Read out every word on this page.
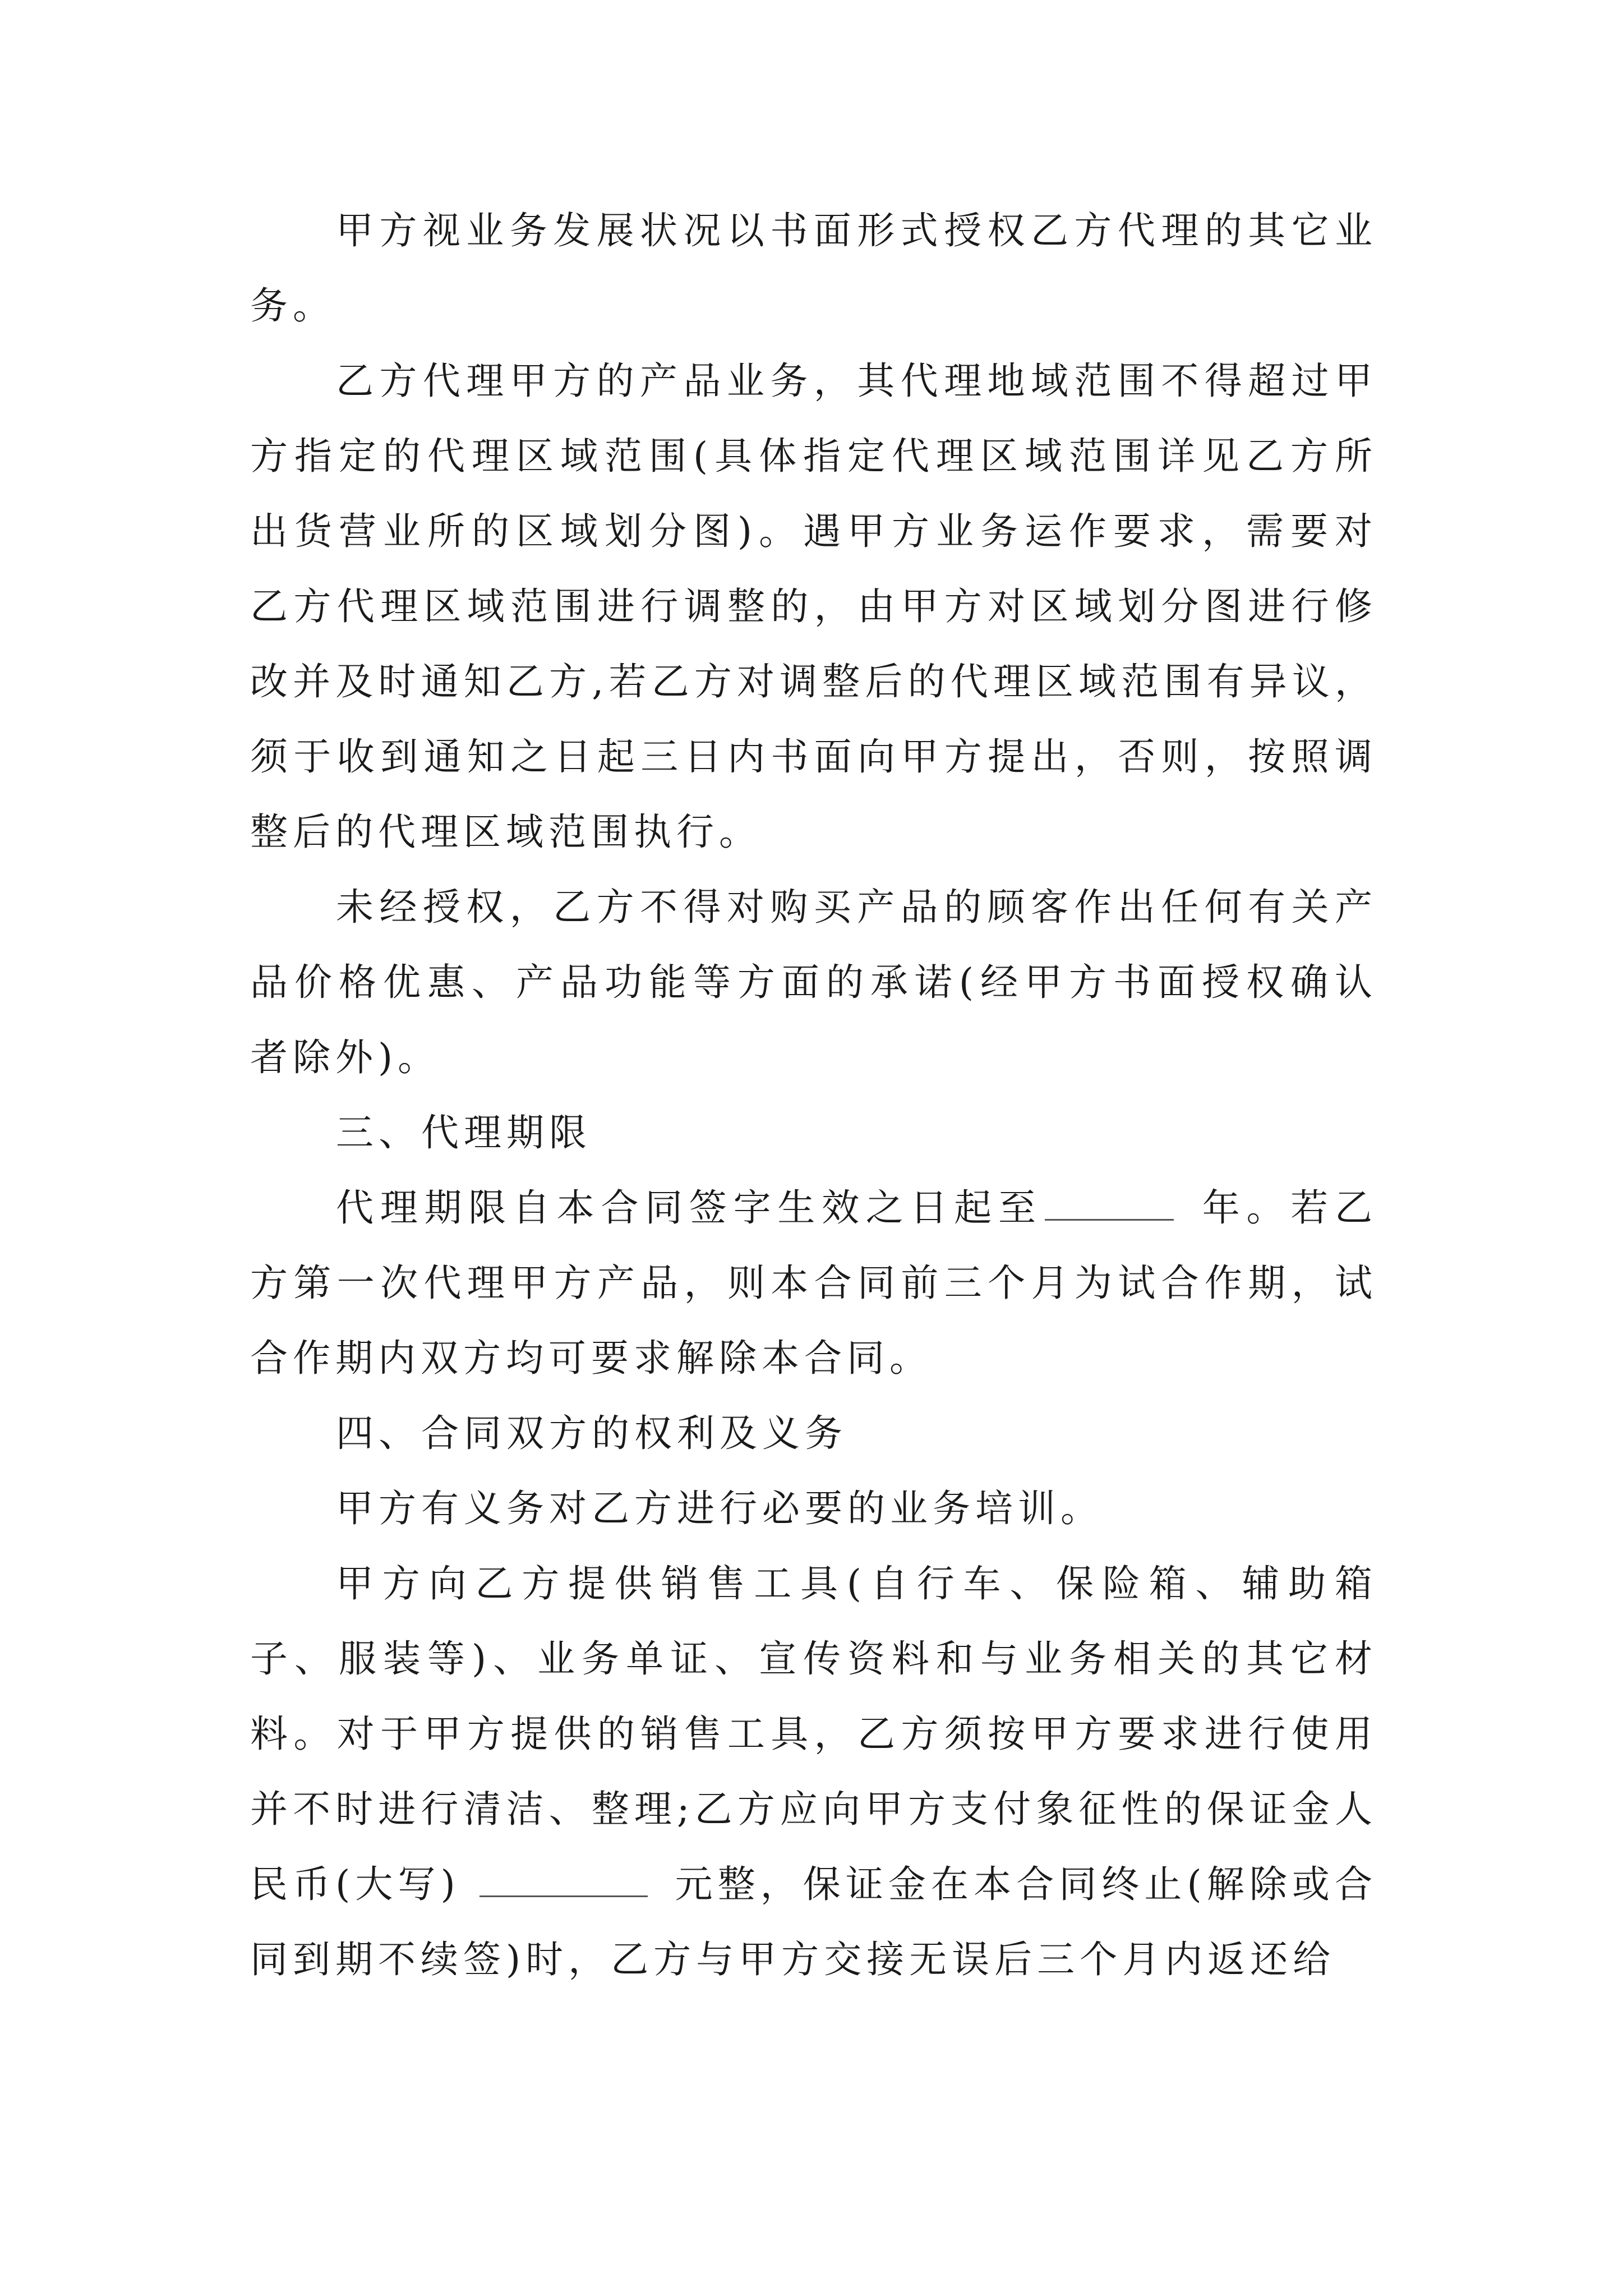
甲方视业务发展状况以书面形式授权乙方代理的其它业务。

乙方代理甲方的产品业务，其代理地域范围不得超过甲方指定的代理区域范围(具体指定代理区域范围详见乙方所出货营业所的区域划分图)。遇甲方业务运作要求，需要对乙方代理区域范围进行调整的，由甲方对区域划分图进行修改并及时通知乙方,若乙方对调整后的代理区域范围有异议，须于收到通知之日起三日内书面向甲方提出，否则，按照调整后的代理区域范围执行。

未经授权，乙方不得对购买产品的顾客作出任何有关产品价格优惠、产品功能等方面的承诺(经甲方书面授权确认者除外)。

三、代理期限

代理期限自本合同签字生效之日起至	年。若乙方第一次代理甲方产品，则本合同前三个月为试合作期，试合作期内双方均可要求解除本合同。

四、合同双方的权利及义务

甲方有义务对乙方进行必要的业务培训。

甲方向乙方提供销售工具(自行车、保险箱、辅助箱子、服装等)、业务单证、宣传资料和与业务相关的其它材料。对于甲方提供的销售工具，乙方须按甲方要求进行使用并不时进行清洁、整理;乙方应向甲方支付象征性的保证金人民币(大写)	元整，保证金在本合同终止(解除或合同到期不续签)时，乙方与甲方交接无误后三个月内返还给
